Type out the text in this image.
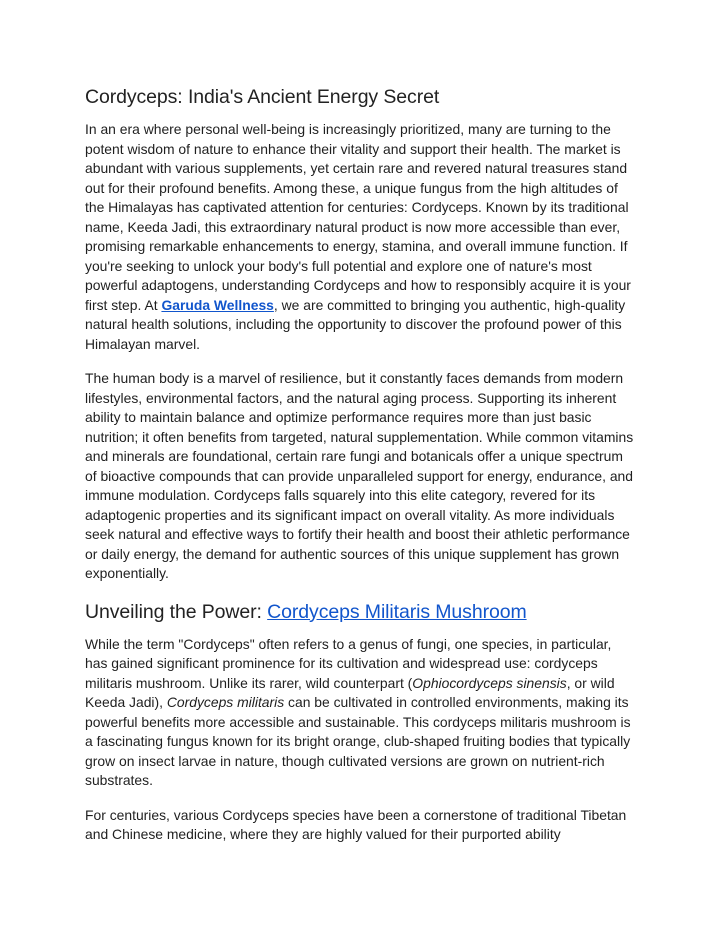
Cordyceps: India's Ancient Energy Secret

In an era where personal well-being is increasingly prioritized, many are turning to the potent wisdom of nature to enhance their vitality and support their health. The market is abundant with various supplements, yet certain rare and revered natural treasures stand out for their profound benefits. Among these, a unique fungus from the high altitudes of the Himalayas has captivated attention for centuries: Cordyceps. Known by its traditional name, Keeda Jadi, this extraordinary natural product is now more accessible than ever, promising remarkable enhancements to energy, stamina, and overall immune function. If you're seeking to unlock your body's full potential and explore one of nature's most powerful adaptogens, understanding Cordyceps and how to responsibly acquire it is your first step. At Garuda Wellness, we are committed to bringing you authentic, high-quality natural health solutions, including the opportunity to discover the profound power of this Himalayan marvel.

The human body is a marvel of resilience, but it constantly faces demands from modern lifestyles, environmental factors, and the natural aging process. Supporting its inherent ability to maintain balance and optimize performance requires more than just basic nutrition; it often benefits from targeted, natural supplementation. While common vitamins and minerals are foundational, certain rare fungi and botanicals offer a unique spectrum of bioactive compounds that can provide unparalleled support for energy, endurance, and immune modulation. Cordyceps falls squarely into this elite category, revered for its adaptogenic properties and its significant impact on overall vitality. As more individuals seek natural and effective ways to fortify their health and boost their athletic performance or daily energy, the demand for authentic sources of this unique supplement has grown exponentially.

Unveiling the Power: Cordyceps Militaris Mushroom

While the term "Cordyceps" often refers to a genus of fungi, one species, in particular, has gained significant prominence for its cultivation and widespread use: cordyceps militaris mushroom. Unlike its rarer, wild counterpart (Ophiocordyceps sinensis, or wild Keeda Jadi), Cordyceps militaris can be cultivated in controlled environments, making its powerful benefits more accessible and sustainable. This cordyceps militaris mushroom is a fascinating fungus known for its bright orange, club-shaped fruiting bodies that typically grow on insect larvae in nature, though cultivated versions are grown on nutrient-rich substrates.

For centuries, various Cordyceps species have been a cornerstone of traditional Tibetan and Chinese medicine, where they are highly valued for their purported ability
